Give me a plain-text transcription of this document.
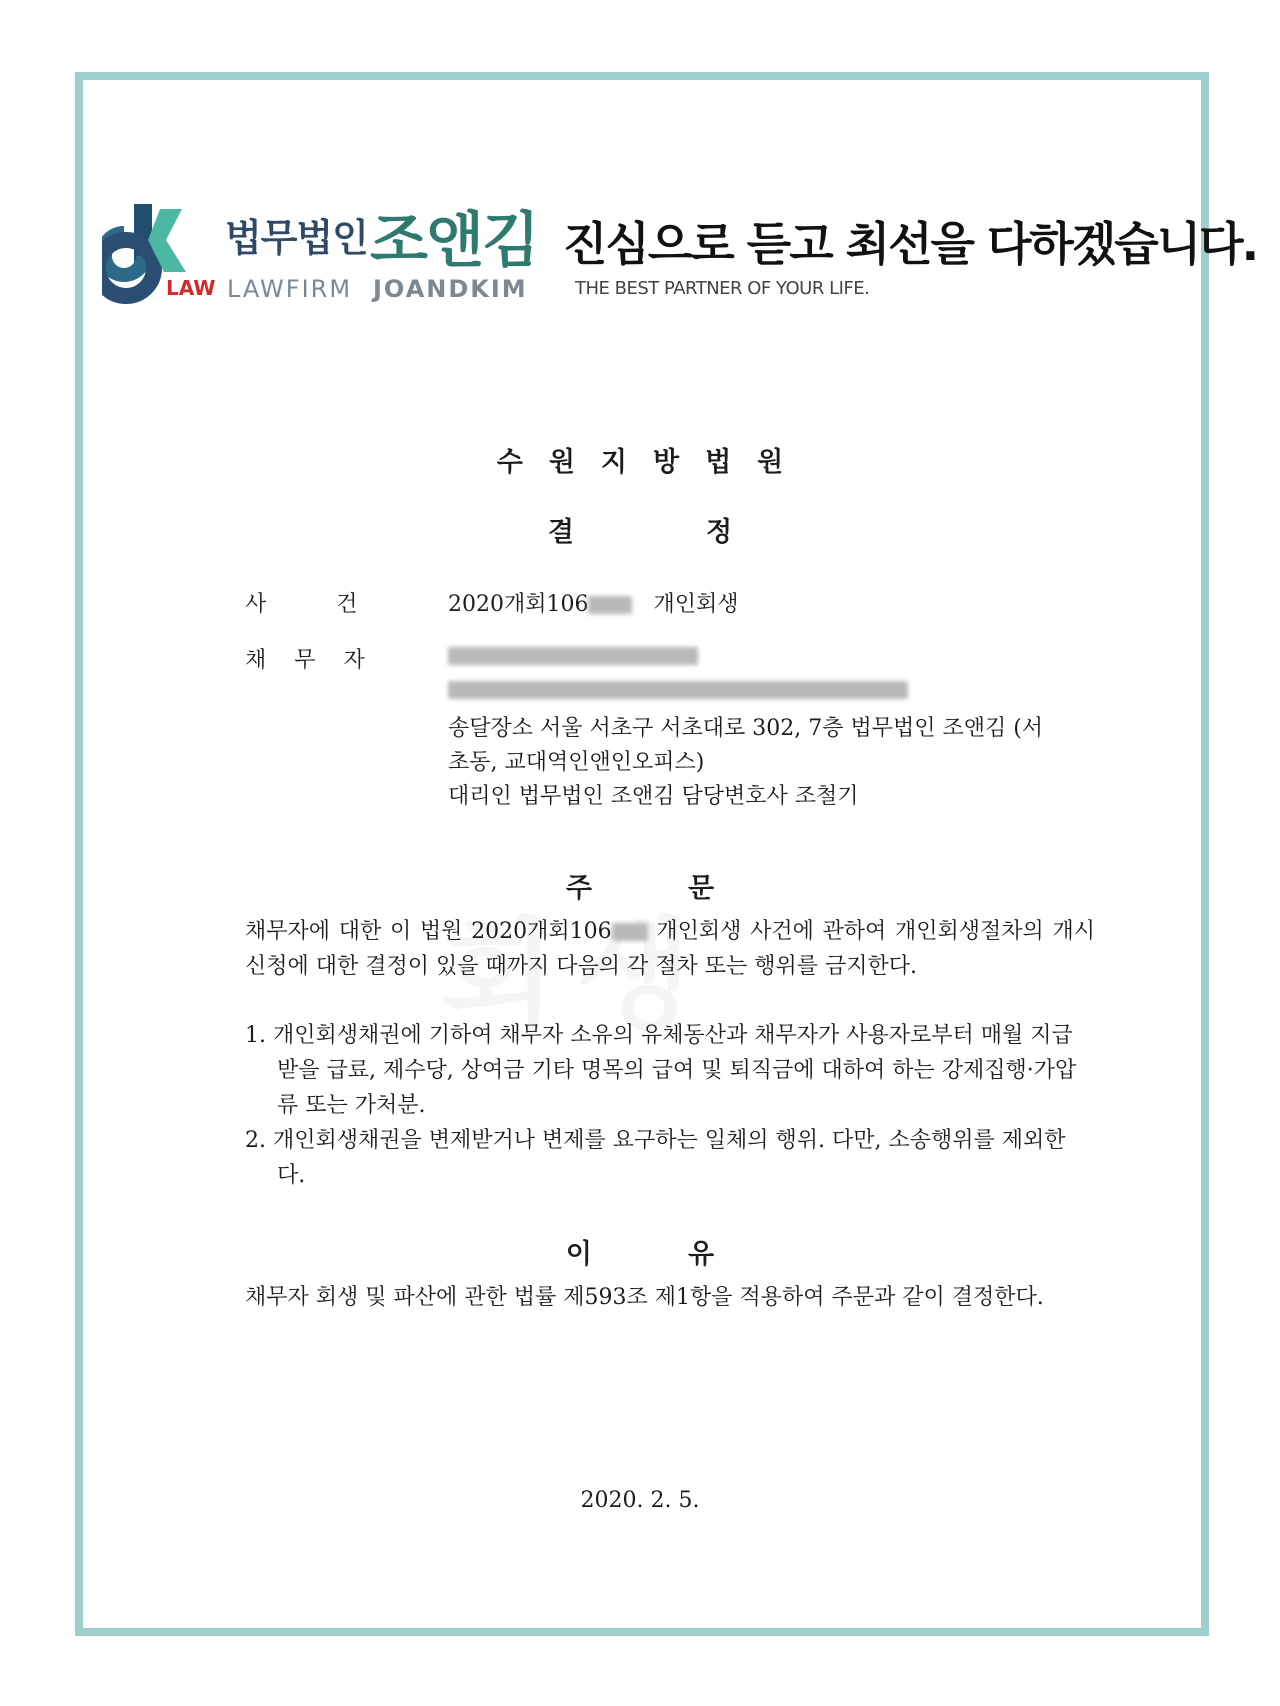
LAW
법무법인 조앤김
LAWFIRM JOANDKIM
진심으로 듣고 최선을 다하겠습니다.
THE BEST PARTNER OF YOUR LIFE.
수원지방법원
결정
사          건	2020개회106	개인회생
채    무    자
송달장소 서울 서초구 서초대로 302, 7층 법무법인 조앤김 (서
초동, 교대역인앤인오피스)
대리인 법무법인 조앤김 담당변호사 조철기
주문
채무자에 대한 이 법원 2020개회106 개인회생 사건에 관하여 개인회생절차의 개시 신청에 대한 결정이 있을 때까지 다음의 각 절차 또는 행위를 금지한다.
1. 개인회생채권에 기하여 채무자 소유의 유체동산과 채무자가 사용자로부터 매월 지급받을 급료, 제수당, 상여금 기타 명목의 급여 및 퇴직금에 대하여 하는 강제집행·가압류 또는 가처분.
2. 개인회생채권을 변제받거나 변제를 요구하는 일체의 행위. 다만, 소송행위를 제외한다.
이유
채무자 회생 및 파산에 관한 법률 제593조 제1항을 적용하여 주문과 같이 결정한다.
2020. 2. 5.
